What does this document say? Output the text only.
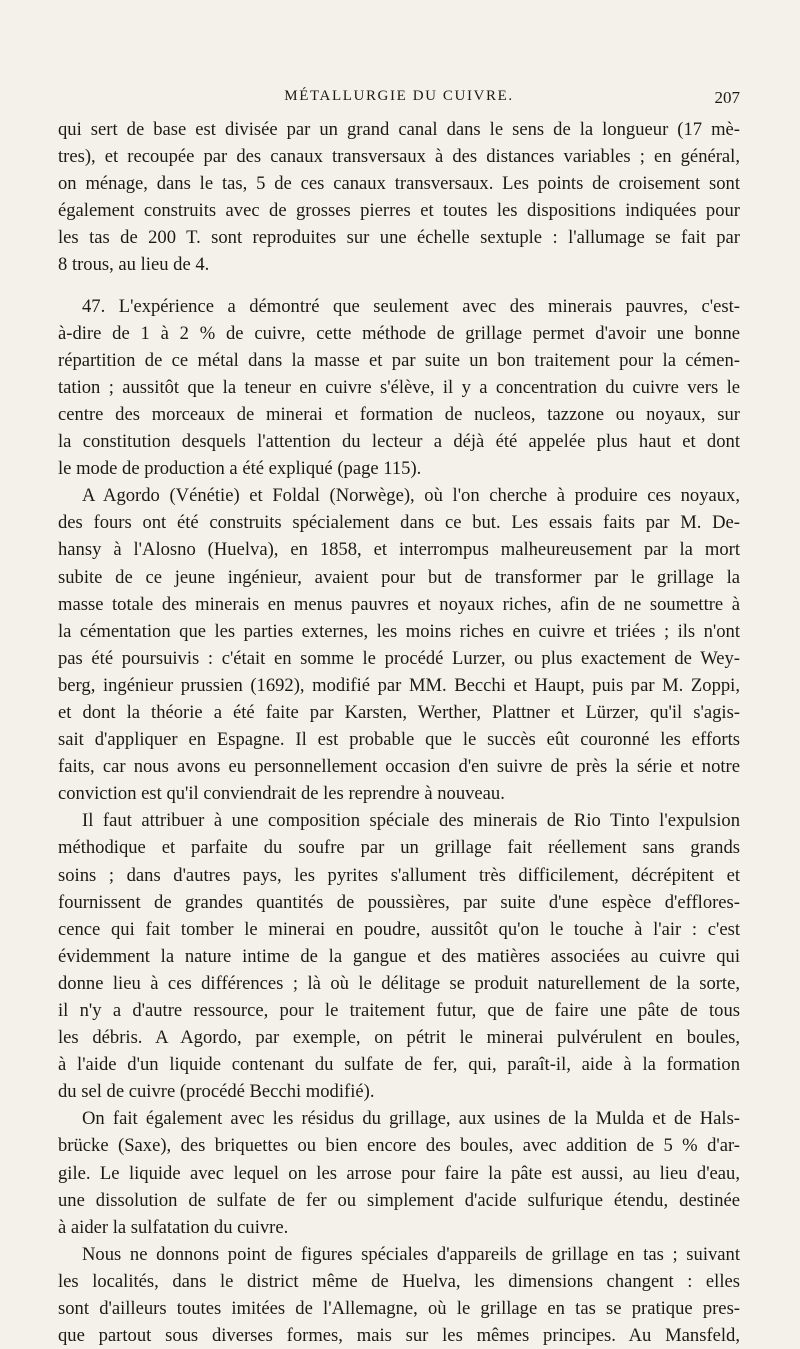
MÉTALLURGIE DU CUIVRE.	207

qui sert de base est divisée par un grand canal dans le sens de la longueur (17 mè-
tres), et recoupée par des canaux transversaux à des distances variables ; en général,
on ménage, dans le tas, 5 de ces canaux transversaux. Les points de croisement sont
également construits avec de grosses pierres et toutes les dispositions indiquées pour
les tas de 200 T. sont reproduites sur une échelle sextuple : l'allumage se fait par
8 trous, au lieu de 4.

47. L'expérience a démontré que seulement avec des minerais pauvres, c'est-
à-dire de 1 à 2 % de cuivre, cette méthode de grillage permet d'avoir une bonne
répartition de ce métal dans la masse et par suite un bon traitement pour la cémen-
tation ; aussitôt que la teneur en cuivre s'élève, il y a concentration du cuivre vers le
centre des morceaux de minerai et formation de nucleos, tazzone ou noyaux, sur
la constitution desquels l'attention du lecteur a déjà été appelée plus haut et dont
le mode de production a été expliqué (page 115).

A Agordo (Vénétie) et Foldal (Norwège), où l'on cherche à produire ces noyaux,
des fours ont été construits spécialement dans ce but. Les essais faits par M. De-
hansy à l'Alosno (Huelva), en 1858, et interrompus malheureusement par la mort
subite de ce jeune ingénieur, avaient pour but de transformer par le grillage la
masse totale des minerais en menus pauvres et noyaux riches, afin de ne soumettre à
la cémentation que les parties externes, les moins riches en cuivre et triées ; ils n'ont
pas été poursuivis : c'était en somme le procédé Lurzer, ou plus exactement de Wey-
berg, ingénieur prussien (1692), modifié par MM. Becchi et Haupt, puis par M. Zoppi,
et dont la théorie a été faite par Karsten, Werther, Plattner et Lürzer, qu'il s'agis-
sait d'appliquer en Espagne. Il est probable que le succès eût couronné les efforts
faits, car nous avons eu personnellement occasion d'en suivre de près la série et notre
conviction est qu'il conviendrait de les reprendre à nouveau.

Il faut attribuer à une composition spéciale des minerais de Rio Tinto l'expulsion
méthodique et parfaite du soufre par un grillage fait réellement sans grands
soins ; dans d'autres pays, les pyrites s'allument très difficilement, décrépitent et
fournissent de grandes quantités de poussières, par suite d'une espèce d'efflores-
cence qui fait tomber le minerai en poudre, aussitôt qu'on le touche à l'air : c'est
évidemment la nature intime de la gangue et des matières associées au cuivre qui
donne lieu à ces différences ; là où le délitage se produit naturellement de la sorte,
il n'y a d'autre ressource, pour le traitement futur, que de faire une pâte de tous
les débris. A Agordo, par exemple, on pétrit le minerai pulvérulent en boules,
à l'aide d'un liquide contenant du sulfate de fer, qui, paraît-il, aide à la formation
du sel de cuivre (procédé Becchi modifié).

On fait également avec les résidus du grillage, aux usines de la Mulda et de Hals-
brücke (Saxe), des briquettes ou bien encore des boules, avec addition de 5 % d'ar-
gile. Le liquide avec lequel on les arrose pour faire la pâte est aussi, au lieu d'eau,
une dissolution de sulfate de fer ou simplement d'acide sulfurique étendu, destinée
à aider la sulfatation du cuivre.

Nous ne donnons point de figures spéciales d'appareils de grillage en tas ; suivant
les localités, dans le district même de Huelva, les dimensions changent : elles
sont d'ailleurs toutes imitées de l'Allemagne, où le grillage en tas se pratique pres-
que partout sous diverses formes, mais sur les mêmes principes. Au Mansfeld,
